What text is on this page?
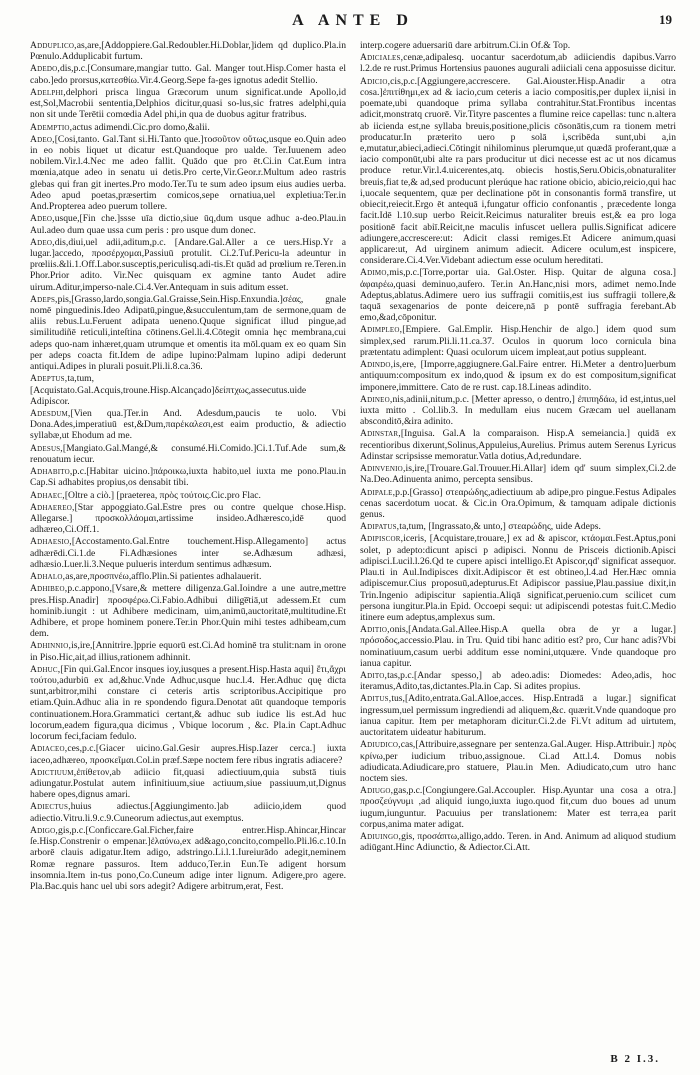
A ANTE D	19

Adduplico,as,are,[Addoppiere.Gal.Redoubler.Hi.Doblar,]idem qd duplico.Pla.in Pœnulo.Adduplicabit furtum.

Adedo,dis,p.c.[Consumare,mangiar tutto. Gal. Manger tout.Hisp.Comer hasta el cabo.]edo prorsus,κατεσθίω.Vir.4.Georg.Sepe fa-ges ignotus adedit Stellio.

Adelphi,delphori prisca lingua Græcorum unum significat.unde Apollo,id est,Sol,Macrobii sententia,Delphios dicitur,quasi so-lus,sic fratres adelphi,quia non sit unde Terētii comœdia Adel phi,in qua de duobus agitur fratribus.

Ademptio,actus adimendi.Cic.pro domo,&alii.

Adeo,[Cosi,tanto. Gal.Tant si.Hi.Tanto que.]τοσοῦτον οὕτως,usque eo.Quin adeo in eo nobis liquet ut dicatur est.Quandoque pro ualde. Ter.Iuuenem adeo nobilem.Vir.l.4.Nec me adeo fallit. Quādo que pro ēt.Ci.in Cat.Eum intra mœnia,atque adeo in senatu ui detis.Pro certe,Vir.Geor.r.Multum adeo rastris glebas qui fran git inertes.Pro modo.Ter.Tu te sum adeo ipsum eius audies uerba. Adeo apud poetas,præsertim comicos,sepe ornatiua,uel expletiua:Ter.in And.Propterea adeo puerum tollere.

Adeo,usque,[Fin che.]ssse uīa dictio,siue ūq,dum usque adhuc a-deo.Plau.in Aul.adeo dum quae ussa cum peris : pro usque dum donec.

Adeo,dis,diui,uel adii,aditum,p.c. [Andare.Gal.Aller a ce uers.Hisp.Yr a lugar.]accedo, προσέρχομαι,Passiuū protulit. Ci.2.Tuf.Pericu-la adeuntur in prœliis.&li.1.Off.Labor.susceptis,periculisq.adi-tis.Et quād ad prœlium re.Teren.in Phor.Prior adito. Vir.Nec quisquam ex agmine tanto Audet adire uirum.Aditur,imperso-nale.Ci.4.Ver.Antequam in suis aditum esset.

Adeps,pis,[Grasso,lardo,songia.Gal.Graisse,Sein.Hisp.Enxundia.]σέας, gnale nomē pinguedinis.Ideo Adipatū,pingue,&succulentum,tam de sermone,quam de aliis rebus.Lu.Feruent adipata ueneno.Quque significat illud pingue,ad similitudiñē reticuli,inteſtina cōtinens.Gel.li.4.Cōtegit omnia hęc membrana,cui adeps quo-nam inhæret,quam utrumque et omentis ita mōl.quam ex eo quam Sin per adeps coacta fit.Idem de adipe lupino:Palmam lupino adipi dederunt antiqui.Adipes in plurali posuit.Pli.li.8.ca.36.

Adeptus,ta,tum,[Acquistato.Gal.Acquis,troune.Hisp.Alcançado]δείπτχως,assecutus.uide Adipiscor.

Adesdum,[Vien qua.]Ter.in And. Adesdum,paucis te uolo. Vbi Dona.Ades,imperatiuū est,&Dum,παρέκαλεσι,est eaim productio, & adiectio syllabæ,ut Ehodum ad me.

Adesus,[Mangiato.Gal.Mangé,& consumé.Hi.Comido.]Ci.1.Tuf.Ade sum,& renouatum iecur.

Adhabito,p.c.[Habitar uicino.]πάροικω,iuxta habito,uel iuxta me pono.Plau.in Cap.Si adhabites propius,os densabit tibi.

Adhaec,[Oltre a ciò.] [praeterea, πρὸς τούτοις.Cic.pro Flac.

Adhaereo,[Star appoggiato.Gal.Estre pres ou contre quelque chose.Hisp. Allegarse.] προσκολλάομαι,artissime insideo.Adhæresco,idē quod adhæreo,Ci.Off.1.

Adhaesio,[Accostamento.Gal.Entre touchement.Hisp.Allegamento] actus adhærēdi.Ci.1.de Fi.Adhæsiones inter se.Adhæsum adhæsi, adhæsio.Luer.li.3.Neque pulueris interdum sentimus adhæsum.

Adhalo,as,are,προσπνέω,afflo.Plin.Si patientes adhalauerit.

Adhibeo,p.c.appono,[Vsare,& mettere diligenza.Gal.Ioindre a une autre,mettre pres.Hisp.Anadir] προσφέρω.Ci.Fabio.Adhibui dilige̅tiā,ut adessem.Et cum hominib.iungit : ut Adhibere medicinam, uim,animū,auctoritatē,multitudine.Et Adhibere, et prope hominem ponere.Ter.in Phor.Quin mihi testes adhibeam,cum dem.

Adhinnio,is,ire,[Annitrire.]pprie equorū est.Ci.Ad hominē tra stulit:nam in orone in Piso.Hic,ait,ad illius,rationem adhinnit.

Adhuc,[Fin qui.Gal.Encor insques ioy,iusques a present.Hisp.Hasta aqui] ἔτι,ἄχρι τούτου,adurbiū ex ad,&huc.Vnde Adhuc,usque huc.l.4. Her.Adhuc quę dicta sunt,arbitror,mihi constare ci ceteris artis scriptoribus.Accipitique pro etiam.Quin.Adhuc alia in re spondendo figura.Denotat aūt quandoque temporis continuationem.Hora.Grammatici certant,& adhuc sub iudice lis est.Ad huc locorum,eadem figura,qua dicimus , Vbique locorum , &c. Pla.in Capt.Adhuc locorum feci,faciam fedulo.

Adiaceo,ces,p.c.[Giacer uicino.Gal.Gesir aupres.Hisp.Iazer cerca.] iuxta iaceo,adhæreo, προσκεῖμαι.Col.in præf.Sæpe noctem fere ribus ingratis adiacere?

Adictiuum,ἐπίθετον,ab adiicio fit,quasi adiectiuum,quia substā tiuis adiungatur.Postulat autem infinitiuum,siue actiuum,siue passiuum,ut,Dignus habere opes,dignus amari.

Adiectus,huius adiectus.[Aggiungimento.]ab adiicio,idem quod adiectio.Vitru.li.9.c.9.Cuneorum adiectus,aut exemptus.

Adigo,gis,p.c.[Conficcare.Gal.Ficher,faire entrer.Hisp.Ahincar,Hincar ſe.Hisp.Constrenir o empenar.]ἐλαύνω,ex ad&ago,concito,compello.Pli.l6.c.10.In arborē clauis adigatur.Item adigo, adstringo.Li.l.1.Iureiurādo adegit,neminem Romæ regnare passuros. Item adduco,Ter.in Eun.Te adigent horsum insomnia.Item in-tus pono,Co.Cuneum adige inter lignum. Adigere,pro agere. Pla.Bac.quis hanc uel ubi sors adegit? Adigere arbitrum,erat, Fest.

interp.cogere aduersariū dare arbitrum.Ci.in Of.& Top.

Adiciales,cenæ,adipalesq. uocantur sacerdotum,ab adiiciendis dapibus.Varro l.2.de re rust.Primus Hortensius pauones augurali adiiciali cena apposuisse dicitur.

Adicio,cis,p.c.[Aggiungere,accrescere. Gal.Aiouster.Hisp.Anadir a otra cosa.]ἐπιτίθημι,ex ad & iacio,cum ceteris a iacio compositis,per duplex ii,nisi in poemate,ubi quandoque prima syllaba contrahitur.Stat.Frontibus incentas adicit,monstratq cruorē. Vir.Tityre pascentes a flumine reice capellas: tunc n.altera ab iicienda est,ne syllaba breuis,positione,plicis cōsonātis,cum ra tionem metri producatur.In præterito uero p solā i,scribēda sunt,ubi a,in e,mutatur,abieci,adieci.Cōtingit nihilominus plerumque,ut quædā proferant,quæ a iacio componūt,ubi alte ra pars producitur ut dici necesse est ac ut nos dicamus produce retur.Vir.l.4.uicerentes,atq. obiecis hostis,Seru.Obicis,obnaturaliter breuis,fiat te,& ad,sed producunt plerúque hac ratione obicio, abicio,reicio,qui hac i,uocale sequentem, quæ per declinatione pōt in consonantis formā transfire, ut obiecit,reiecit.Ergo ēt antequā i,fungatur officio confonantis , præcedente longa facit.Idē l.10.sup uerbo Reicit.Reicimus naturaliter breuis est,& ea pro loga positionē facit abiī.Reicit,ne maculis infuscet uellera pullis.Significat adicere adiungere,accrescere:ut: Adicit classi remiges.Et Adicere animum,quasi applicare:ut, Ad uirginem animum adiecit. Adicere oculum,est inspicere, considerare.Ci.4.Ver.Videbant adiectum esse oculum hereditati.

Adimo,mis,p.c.[Torre,portar uia. Gal.Oster. Hisp. Quitar de alguna cosa.] ἀφαιρέω,quasi deminuo,aufero. Ter.in An.Hanc,nisi mors, adimet nemo.Inde Adeptus,ablatus.Adimere uero ius suffragii comitiis,est ius suffragii tollere,& taquā sexagenarios de ponte deicere,nā p pontē suffragia ferebant.Ab emo,&ad,cōponitur.

Adimpleo,[Empiere. Gal.Emplir. Hisp.Henchir de algo.] idem quod sum simplex,sed rarum.Pli.li.11.ca.37. Oculos in quorum loco cornicula bina prætentatu adimplent: Quasi oculorum uicem impleat,aut potius suppleant.

Adindo,is,ere, [Imporre,aggiugnere.Gal.Faire entrer. Hi.Meter a dentro]uerbum antiquum:compositum ex indo,quod & ipsum ex do est compositum,significat imponere,immittere. Cato de re rust. cap.18.Lineas adindito.

Adineo,nis,adinii,nitum,p.c. [Metter apresso, o dentro,] ἐπιπηδάω, id est,intus,uel iuxta mitto . Col.lib.3. In medullam eius nucem Græcam uel auellanam absconditō,&ira adinito.

Adinstar,[Inguisa. Gal.A la comparaison. Hisp.A semeiancia.] quidā ex recentioribus dixerunt,Solinus,Appuleius,Aurelius. Primus autem Serenus Lyricus Adinstar scripsisse memoratur.Vatla dotius,Ad,redundare.

Adinvenio,is,ire,[Trouare.Gal.Trouuer.Hi.Allar] idem qd' suum simplex,Ci.2.de Na.Deo.Adinuenta animo, percepta sensibus.

Adipale,p.p.[Grasso] στεαρώδης,adiectiuum ab adipe,pro pingue.Festus Adipales cenas sacerdotum uocat. & Cic.in Ora.Opimum, & tamquam adipale dictionis genus.

Adipatus,ta,tum, [Ingrassato,& unto,] στεαρώδης, uide Adeps.

Adipiscor,iceris, [Acquistare,trouare,] ex ad & apiscor, κτάομαι.Fest.Aptus,poni solet, p adepto:dicunt apisci p adipisci. Nonnu de Prisceis dictionib.Apisci adipisci.Lucil.l.26.Qd te cupere apisci intelligo.Et Apiscor,qd' significat assequor. Plau.ti in Aul.Indipisces dixit.Adipiscor ēt est obtineo,l.4.ad Her.Hæc omnia adipiscemur.Cius proposuū,adepturus.Et Adipiscor passiue,Plau.passiue dixit,in Trin.Ingenio adipiscitur sapientia.Aliqā significat,peruenio.cum scilicet cum persona iungitur.Pla.in Epid. Occoepi sequi: ut adipiscendi potestas fuit.C.Medio itinere eum adeptus,amplexus sum.

Aditio,onis,[Andata.Gal.Allee.Hisp.A quella obra de yr a lugar.] πρόσοδος,accessio.Plau. in Tru. Quid tibi hanc aditio est? pro, Cur hanc adis?Vbi nominatiuum,casum uerbi additum esse nomini,utquære. Vnde quandoque pro ianua capitur.

Adito,tas,p.c.[Andar spesso,] ab adeo.adis: Diomedes: Adeo,adis, hoc iteramus,Adito,tas,dictantes.Pla.in Cap. Si adites propius.

Aditus,tus,[Adito,entrata.Gal.Alloe,acces. Hisp.Entradā a lugar.] significat ingressum,uel permissum ingrediendi ad aliquem,&c. quærit.Vnde quandoque pro ianua capitur. Item per metaphoram dicitur.Ci.2.de Fi.Vt aditum ad uirtutem, auctoritatem uideatur habiturum.

Adiudico,cas,[Attribuire,assegnare per sentenza.Gal.Auger. Hisp.Attribuir.] πρὸς κρίνω,per iudicium tribuo,assignoue. Ci.ad Att.l.4. Domus nobis adiudicata.Adiudicare,pro statuere, Plau.in Men. Adiudicato,cum utro hanc noctem sies.

Adiugo,gas,p.c.[Congiungere.Gal.Accoupler. Hisp.Ayuntar una cosa a otra.] προσζεύγνυμι ,ad aliquid iungo,iuxta iugo.quod fit,cum duo boues ad unum iugum,iunguntur. Pacuuius per translationem: Mater est terra,ea parit corpus,anima mater adigat.

Adiuingo,gis, προσάπτω,alligo,addo. Teren. in And. Animum ad aliquod studium adiūgant.Hinc Adiunctio, & Adiector.Ci.Att.

B 2 I.3.
